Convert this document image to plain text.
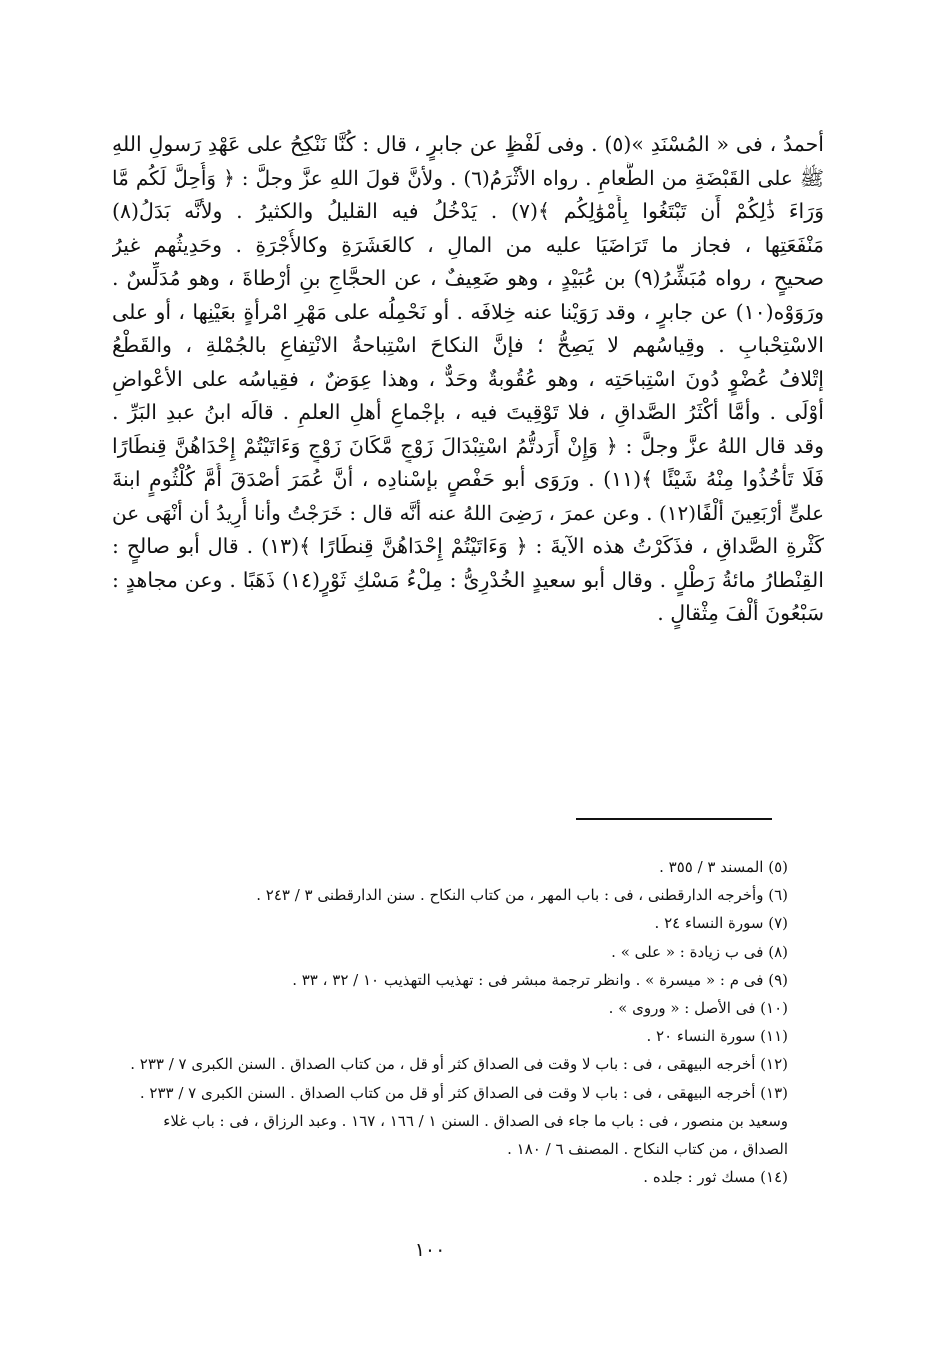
أحمدُ ، فى « المُسْنَدِ »(٥) . وفى لَفْظٍ عن جابرٍ ، قال : كُنَّا نَنْكِحُ على عَهْدِ رَسولِ اللهِ
ﷺ على القَبْضَةِ من الطَّعامِ . رواه الأثْرَمُ(٦) . ولأنَّ قولَ اللهِ عزَّ وجلَّ : ﴿ وَأُحِلَّ لَكُم مَّا
وَرَاءَ ذَٰلِكُمْ أَن تَبْتَغُوا بِأَمْوَٰلِكُم ﴾(٧) . يَدْخُلُ فيه القليلُ والكثيرُ . ولأنَّه بَدَلُ(٨)
مَنْفَعَتِها ، فجاز ما تَرَاضَيَا عليه من المالِ ، كالعَشَرَةِ وكالأُجْرَةِ . وحَدِيثُهم غيرُ
صحيحٍ ، رواه مُبَشِّرُ(٩) بن عُبَيْدٍ ، وهو ضَعِيفٌ ، عن الحجَّاجِ بنِ أرْطاةَ ، وهو مُدَلِّسٌ .
ورَوَوْه(١٠) عن جابرٍ ، وقد رَوَيْنا عنه خِلافَه . أو نَحْمِلُه على مَهْرِ امْرأةٍ بعَيْنِها ، أو على
الاسْتِحْبابِ . وقِياسُهم لا يَصِحُّ ؛ فإنَّ النكاحَ اسْتِباحةُ الانْتِفاعِ بالجُمْلةِ ، والقَطْعُ
إتْلافُ عُضْوٍ دُونَ اسْتِباحَتِه ، وهو عُقُوبةٌ وحَدٌّ ، وهذا عِوَضٌ ، فقِياسُه على الأعْواضِ
أوْلَى . وأمَّا أكْثَرُ الصَّداقِ ، فلا تَوْقِيتَ فيه ، بإجْماعِ أهلِ العلمِ . قالَه ابنُ عبدِ البَرِّ .
وقد قال اللهُ عزَّ وجلَّ : ﴿ وَإِنْ أَرَدتُّمُ اسْتِبْدَالَ زَوْجٍ مَّكَانَ زَوْجٍ وَءَاتَيْتُمْ إِحْدَاهُنَّ قِنطَارًا
فَلَا تَأْخُذُوا مِنْهُ شَيْئًا ﴾(١١) . ورَوَى أبو حَفْصٍ بإسْنادِه ، أنَّ عُمَرَ أصْدَقَ أُمَّ كُلْثُومٍ ابنةَ
علىٍّ أرْبَعِينَ ألْفًا(١٢) . وعن عمرَ ، رَضِىَ اللهُ عنه أنَّه قال : خَرَجْتُ وأنا أُرِيدُ أن أنْهَى عن
كَثْرةِ الصَّداقِ ، فذَكَرْتُ هذه الآيةَ : ﴿ وَءَاتَيْتُمْ إِحْدَاهُنَّ قِنطَارًا ﴾(١٣) . قال أبو صالحٍ :
القِنْطارُ مائةُ رَطْلٍ . وقال أبو سعيدٍ الخُدْرِىُّ : مِلْءُ مَسْكِ ثَوْرٍ(١٤) ذَهَبًا . وعن مجاهدٍ :
سَبْعُونَ ألْفَ مِثْقالٍ .
(٥) المسند ٣ / ٣٥٥ .
(٦) وأخرجه الدارقطنى ، فى : باب المهر ، من كتاب النكاح . سنن الدارقطنى ٣ / ٢٤٣ .
(٧) سورة النساء ٢٤ .
(٨) فى ب زيادة : « على » .
(٩) فى م : « ميسرة » . وانظر ترجمة مبشر فى : تهذيب التهذيب ١٠ / ٣٢ ، ٣٣ .
(١٠) فى الأصل : « وروى » .
(١١) سورة النساء ٢٠ .
(١٢) أخرجه البيهقى ، فى : باب لا وقت فى الصداق كثر أو قل ، من كتاب الصداق . السنن الكبرى ٧ / ٢٣٣ .
(١٣) أخرجه البيهقى ، فى : باب لا وقت فى الصداق كثر أو قل من كتاب الصداق . السنن الكبرى ٧ / ٢٣٣ .
وسعيد بن منصور ، فى : باب ما جاء فى الصداق . السنن ١ / ١٦٦ ، ١٦٧ . وعبد الرزاق ، فى : باب غلاء
الصداق ، من كتاب النكاح . المصنف ٦ / ١٨٠ .
(١٤) مسك ثور : جلده .
١٠٠
